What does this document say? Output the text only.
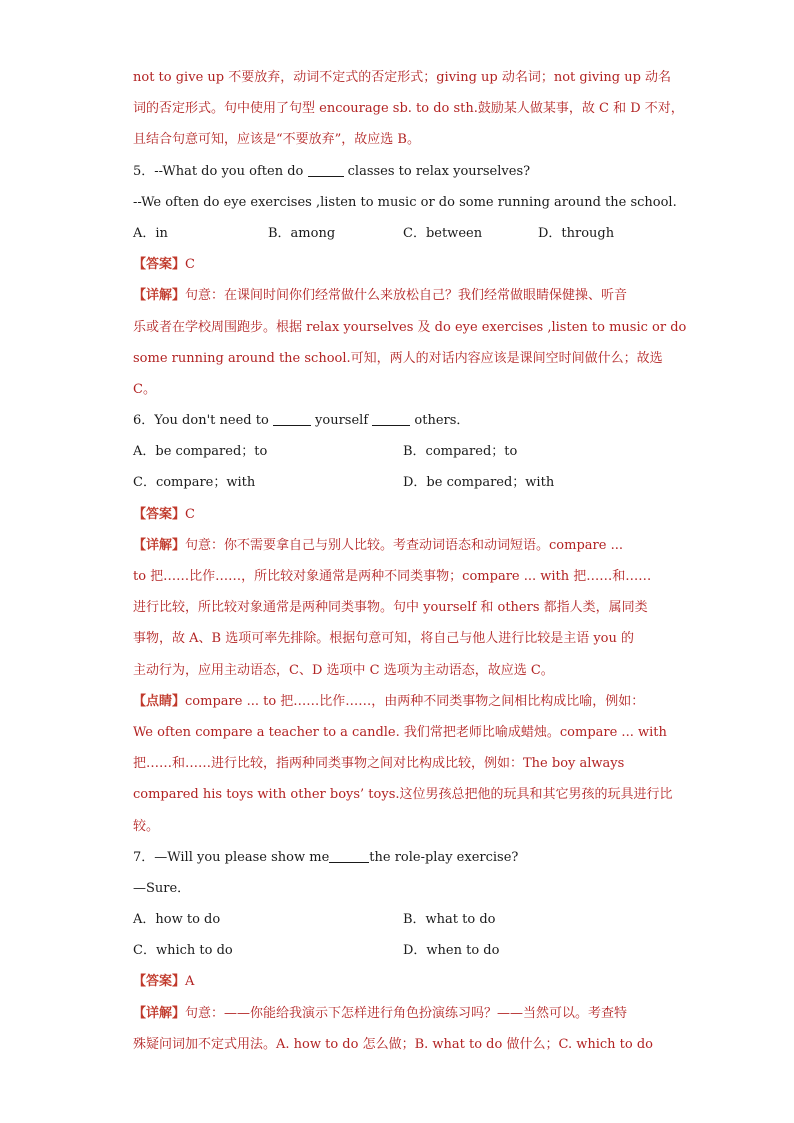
not to give up 不要放弃，动词不定式的否定形式；giving up 动名词；not giving up 动名
词的否定形式。句中使用了句型 encourage sb. to do sth.鼓励某人做某事，故 C 和 D 不对，
且结合句意可知，应该是“不要放弃”，故应选 B。
5．--What do you often do	classes to relax yourselves?
--We often do eye exercises ,listen to music or do some running around the school.
A．in	B．among	C．between	D．through
【答案】C
【详解】句意：在课间时间你们经常做什么来放松自己？我们经常做眼睛保健操、听音
乐或者在学校周围跑步。根据 relax yourselves 及 do eye exercises ,listen to music or do
some running around the school.可知，两人的对话内容应该是课间空时间做什么；故选
C。
6．You don't need to	yourself	others．
A．be compared；to	B．compared；to
C．compare；with	D．be compared；with
【答案】C
【详解】句意：你不需要拿自己与别人比较。考查动词语态和动词短语。compare ...
to 把……比作……，所比较对象通常是两种不同类事物；compare ... with 把……和……
进行比较，所比较对象通常是两种同类事物。句中 yourself 和 others 都指人类，属同类
事物，故 A、B 选项可率先排除。根据句意可知，将自己与他人进行比较是主语 you 的
主动行为，应用主动语态，C、D 选项中 C 选项为主动语态，故应选 C。
【点睛】compare ... to 把……比作……，由两种不同类事物之间相比构成比喻，例如：
We often compare a teacher to a candle. 我们常把老师比喻成蜡烛。compare ... with
把……和……进行比较，指两种同类事物之间对比构成比较，例如：The boy always
compared his toys with other boys’ toys.这位男孩总把他的玩具和其它男孩的玩具进行比
较。
7．—Will you please show me	the role-play exercise?
—Sure．
A．how to do	B．what to do
C．which to do	D．when to do
【答案】A
【详解】句意：——你能给我演示下怎样进行角色扮演练习吗？——当然可以。考查特
殊疑问词加不定式用法。A. how to do 怎么做；B. what to do 做什么；C. which to do
